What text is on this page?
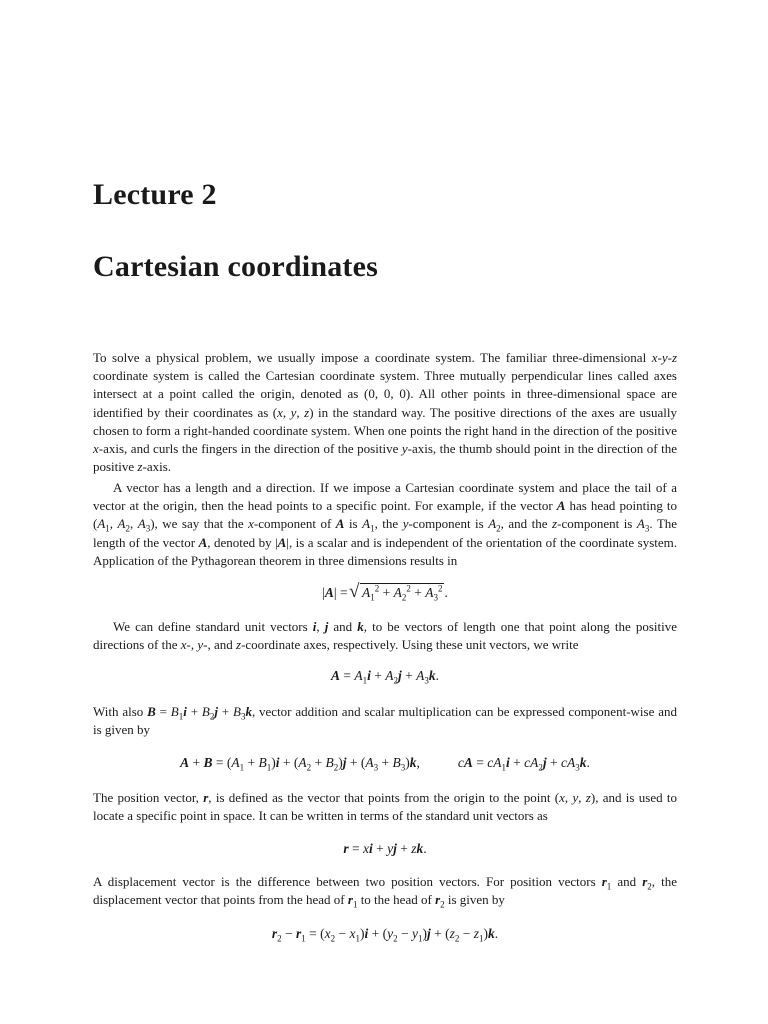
Lecture 2
Cartesian coordinates
To solve a physical problem, we usually impose a coordinate system. The familiar three-dimensional x-y-z coordinate system is called the Cartesian coordinate system. Three mutually perpendicular lines called axes intersect at a point called the origin, denoted as (0, 0, 0). All other points in three-dimensional space are identified by their coordinates as (x, y, z) in the standard way. The positive directions of the axes are usually chosen to form a right-handed coordinate system. When one points the right hand in the direction of the positive x-axis, and curls the fingers in the direction of the positive y-axis, the thumb should point in the direction of the positive z-axis.
A vector has a length and a direction. If we impose a Cartesian coordinate system and place the tail of a vector at the origin, then the head points to a specific point. For example, if the vector A has head pointing to ($A_1$, $A_2$, $A_3$), we say that the x-component of A is $A_1$, the y-component is $A_2$, and the z-component is $A_3$. The length of the vector A, denoted by |A|, is a scalar and is independent of the orientation of the coordinate system. Application of the Pythagorean theorem in three dimensions results in
|A| = √ $A_1^2 + A_2^2 + A_3^2$ .
We can define standard unit vectors i, j and k, to be vectors of length one that point along the positive directions of the x-, y-, and z-coordinate axes, respectively. Using these unit vectors, we write
$A = A_1i + A_2j + A_3k$.
With also $B = B_1i + B_2j + B_3k$, vector addition and scalar multiplication can be expressed component-wise and is given by
$A + B = (A_1 + B_1)i + (A_2 + B_2)j + (A_3 + B_3)k$,	cA = $cA_1i + cA_2j + cA_3k$.
The position vector, r, is defined as the vector that points from the origin to the point (x, y, z), and is used to locate a specific point in space. It can be written in terms of the standard unit vectors as
r = xi + yj + zk.
A displacement vector is the difference between two position vectors. For position vectors $r_1$ and $r_2$, the displacement vector that points from the head of $r_1$ to the head of $r_2$ is given by
$r_2 - r_1 = (x_2 - x_1)i + (y_2 - y_1)j + (z_2 - z_1)k$.
